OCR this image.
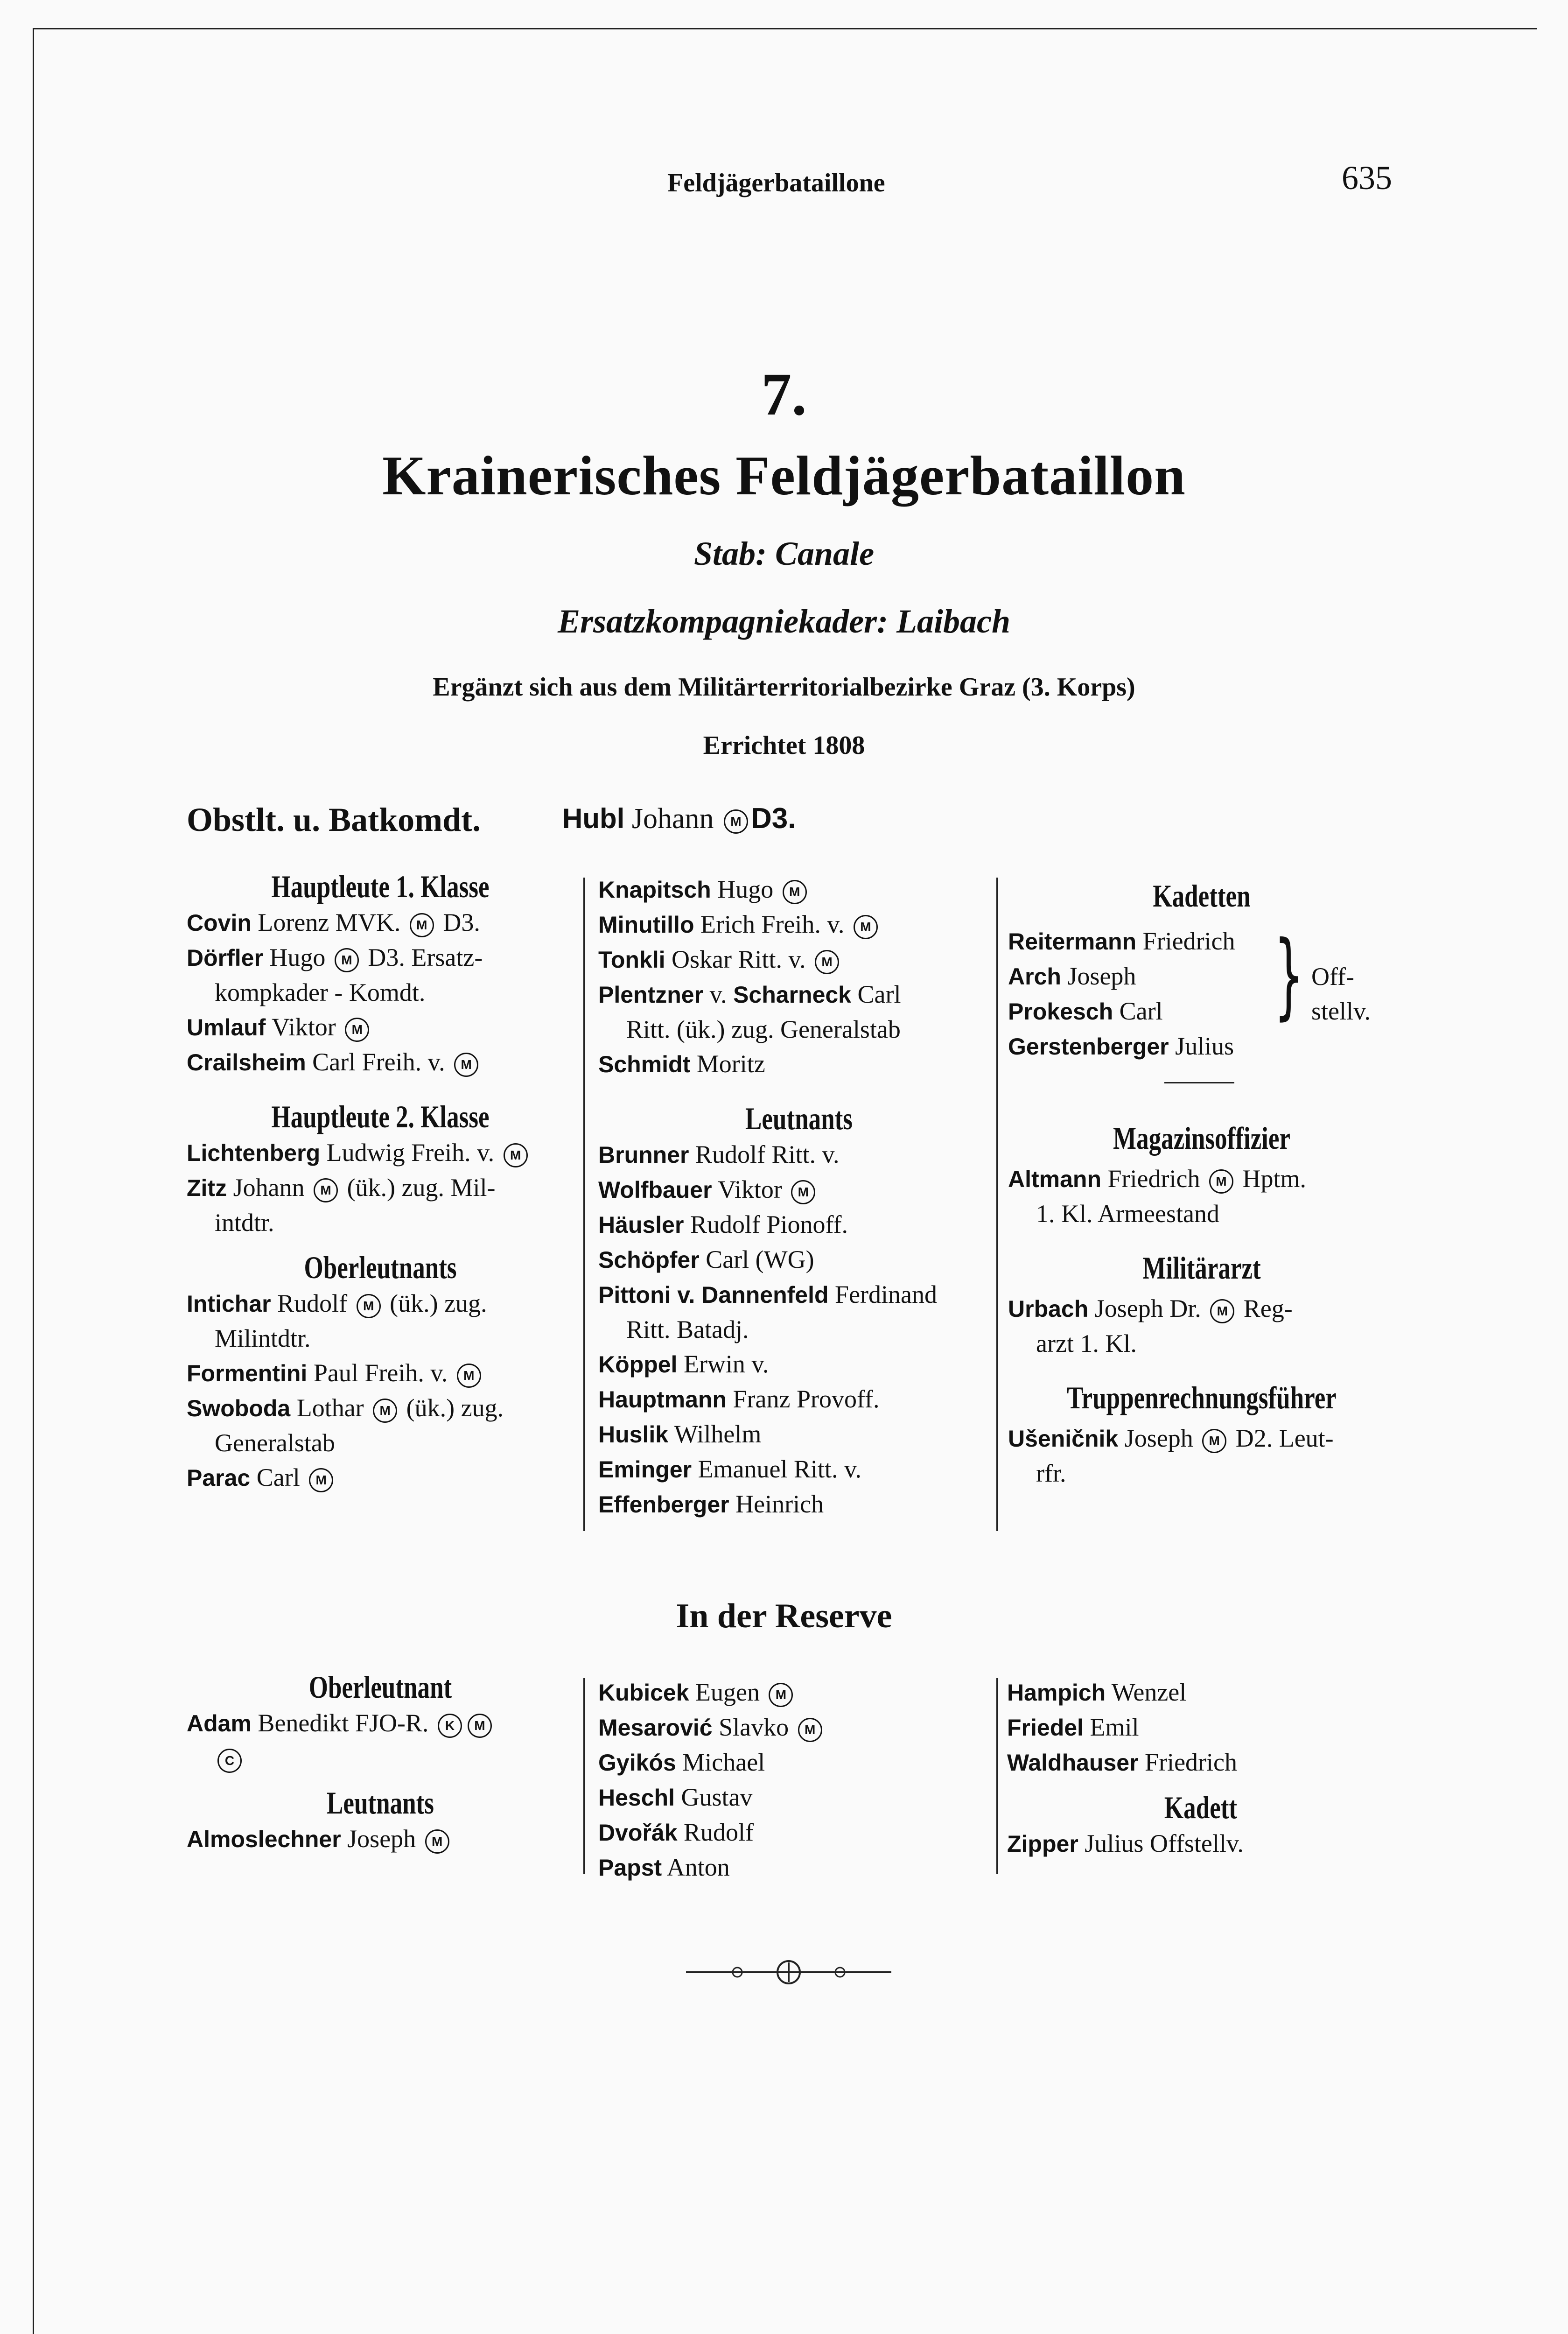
Feldjägerbataillone	635
7.
Krainerisches Feldjägerbataillon
Stab: Canale
Ersatzkompagniekader: Laibach
Ergänzt sich aus dem Militärterritorialbezirke Graz (3. Korps)
Errichtet 1808
Obstlt. u. Batkomdt.	Hubl Johann M D3.
Hauptleute 1. Klasse
Covin Lorenz MVK. M D3.
Dörfler Hugo M D3. Ersatz-
kompkader - Komdt.
Umlauf Viktor M
Crailsheim Carl Freih. v. M
Hauptleute 2. Klasse
Lichtenberg Ludwig Freih. v. M
Zitz Johann M (ük.) zug. Mil-
intdtr.
Oberleutnants
Intichar Rudolf M (ük.) zug.
Milintdtr.
Formentini Paul Freih. v. M
Swoboda Lothar M (ük.) zug.
Generalstab
Parac Carl M
Knapitsch Hugo M
Minutillo Erich Freih. v. M
Tonkli Oskar Ritt. v. M
Plentzner v. Scharneck Carl
Ritt. (ük.) zug. Generalstab
Schmidt Moritz
Leutnants
Brunner Rudolf Ritt. v.
Wolfbauer Viktor M
Häusler Rudolf Pionoff.
Schöpfer Carl (WG)
Pittoni v. Dannenfeld Ferdinand
Ritt. Batadj.
Köppel Erwin v.
Hauptmann Franz Provoff.
Huslik Wilhelm
Eminger Emanuel Ritt. v.
Effenberger Heinrich
Kadetten
Reitermann Friedrich
Arch Joseph
Prokesch Carl
Gerstenberger Julius
Magazinsoffizier
Altmann Friedrich M Hptm.
1. Kl. Armeestand
Militärarzt
Urbach Joseph Dr. M Reg-
arzt 1. Kl.
Truppenrechnungsführer
Ušeničnik Joseph M D2. Leut-
rfr.
} Off-
stellv.
In der Reserve
Oberleutnant
Adam Benedikt FJO-R. K M
C
Leutnants
Almoslechner Joseph M
Kubicek Eugen M
Mesarović Slavko M
Gyikós Michael
Heschl Gustav
Dvořák Rudolf
Papst Anton
Hampich Wenzel
Friedel Emil
Waldhauser Friedrich
Kadett
Zipper Julius Offstellv.
